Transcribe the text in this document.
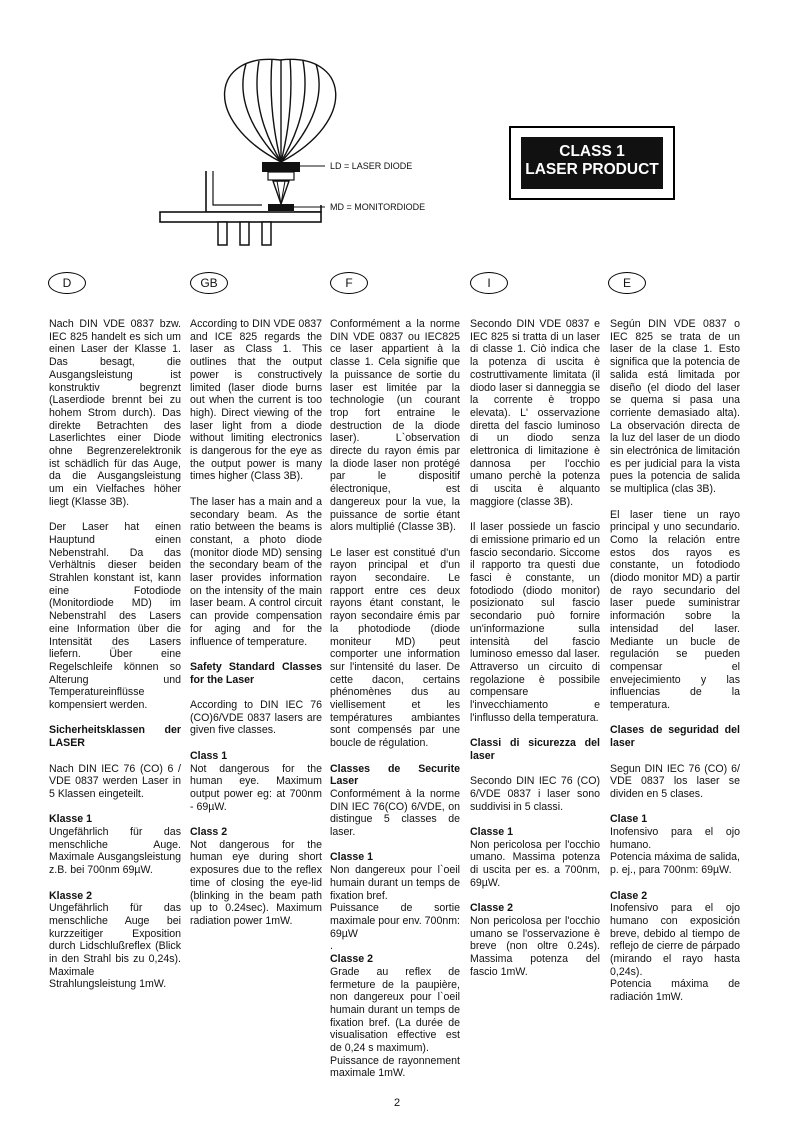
LD = LASER DIODE
MD = MONITORDIODE
CLASS 1
LASER PRODUCT
D	GB	F	I	E

Nach DIN VDE 0837 bzw. IEC 825 handelt es sich um einen Laser der Klasse 1. Das besagt, die Ausgangsleistung ist konstruktiv begrenzt (Laserdiode brennt bei zu hohem Strom durch). Das direkte Betrachten des Laserlichtes einer Diode ohne Begrenzerelektronik ist schädlich für das Auge, da die Ausgangsleistung um ein Vielfaches höher liegt (Klasse 3B).

Der Laser hat einen Hauptund einen Nebenstrahl. Da das Verhältnis dieser beiden Strahlen konstant ist, kann eine Fotodiode (Monitordiode MD) im Nebenstrahl des Lasers eine Information über die Intensität des Lasers liefern. Über eine Regelschleife können so Alterung und Temperatureinflüsse kompensiert werden.

Sicherheitsklassen der LASER

Nach DIN IEC 76 (CO) 6 / VDE 0837 werden Laser in 5 Klassen eingeteilt.

Klasse 1

Ungefährlich für das menschliche Auge. Maximale Ausgangsleistung z.B. bei 700nm 69µW.

Klasse 2

Ungefährlich für das menschliche Auge bei kurzzeitiger Exposition durch Lidschlußreflex (Blick in den Strahl bis zu 0,24s). Maximale Strahlungsleistung 1mW.

According to DIN VDE 0837 and ICE 825 regards the laser as Class 1. This outlines that the output power is constructively limited (laser diode burns out when the current is too high). Direct viewing of the laser light from a diode without limiting electronics is dangerous for the eye as the output power is many times higher (Class 3B).

The laser has a main and a secondary beam. As the ratio between the beams is constant, a photo diode (monitor diode MD) sensing the secondary beam of the laser provides information on the intensity of the main laser beam. A control circuit can provide compensation for aging and for the influence of temperature.

Safety Standard Classes for the Laser

According to DIN IEC 76 (CO)6/VDE 0837 lasers are given five classes.

Class 1

Not dangerous for the human eye. Maximum output power eg: at 700nm - 69µW.

Class 2

Not dangerous for the human eye during short exposures due to the reflex time of closing the eye-lid (blinking in the beam path up to 0.24sec). Maximum radiation power 1mW.

Conformément a la norme DIN VDE 0837 ou IEC825 ce laser appartient à la classe 1. Cela signifie que la puissance de sortie du laser est limitée par la technologie (un courant trop fort entraine le destruction de la diode laser). L`observation directe du rayon émis par la diode laser non protégé par le dispositif électronique, est dangereux pour la vue, la puissance de sortie étant alors multiplié (Classe 3B).

Le laser est constitué d'un rayon principal et d'un rayon secondaire. Le rapport entre ces deux rayons étant constant, le rayon secondaire émis par la photodiode (diode moniteur MD) peut comporter une information sur l'intensité du laser. De cette dacon, certains phénomènes dus au viellisement et les températures ambiantes sont compensés par une boucle de régulation.

Classes de Securite Laser

Conformément à la norme DIN IEC 76(CO) 6/VDE, on distingue 5 classes de laser.

Classe 1

Non dangereux pour l`oeil humain durant un temps de fixation bref.

Puissance de sortie maximale pour env. 700nm: 69µW

.

Classe 2

Grade au reflex de fermeture de la paupière, non dangereux pour l`oeil humain durant un temps de fixation bref. (La durée de visualisation effective est de 0,24 s maximum).

Puissance de rayonnement maximale 1mW.

Secondo DIN VDE 0837 e IEC 825 si tratta di un laser di classe 1. Ciò indica che la potenza di uscita è costruttivamente limitata (il diodo laser si danneggia se la corrente è troppo elevata). L' osservazione diretta del fascio luminoso di un diodo senza elettronica di limitazione è dannosa per l'occhio umano perchè la potenza di uscita è alquanto maggiore (classe 3B).

Il laser possiede un fascio di emissione primario ed un fascio secondario. Siccome il rapporto tra questi due fasci è constante, un fotodiodo (diodo monitor) posizionato sul fascio secondario può fornire un'informazione sulla intensità del fascio luminoso emesso dal laser. Attraverso un circuito di regolazione è possibile compensare l'invecchiamento e l'influsso della temperatura.

Classi di sicurezza del laser

Secondo DIN IEC 76 (CO) 6/VDE 0837 i laser sono suddivisi in 5 classi.

Classe 1

Non pericolosa per l'occhio umano. Massima potenza di uscita per es. a 700nm, 69µW.

Classe 2

Non pericolosa per l'occhio umano se l'osservazione è breve (non oltre 0.24s). Massima potenza del fascio 1mW.

Según DIN VDE 0837 o IEC 825 se trata de un laser de la clase 1. Esto significa que la potencia de salida está limitada por diseño (el diodo del laser se quema si pasa una corriente demasiado alta). La observación directa de la luz del laser de un diodo sin electrónica de limitación es per judicial para la vista pues la potencia de salida se multiplica (clas 3B).

El laser tiene un rayo principal y uno secundario. Como la relación entre estos dos rayos es constante, un fotodiodo (diodo monitor MD) a partir de rayo secundario del laser puede suministrar información sobre la intensidad del laser. Mediante un bucle de regulación se pueden compensar el envejecimiento y las influencias de la temperatura.

Clases de seguridad del laser

Segun DIN IEC 76 (CO) 6/ VDE 0837 los laser se dividen en 5 clases.

Clase 1

Inofensivo para el ojo humano.

Potencia máxima de salida, p. ej., para 700nm: 69µW.

Clase 2

Inofensivo para el ojo humano con exposición breve, debido al tiempo de reflejo de cierre de párpado (mirando el rayo hasta 0,24s).

Potencia máxima de radiación 1mW.

2
